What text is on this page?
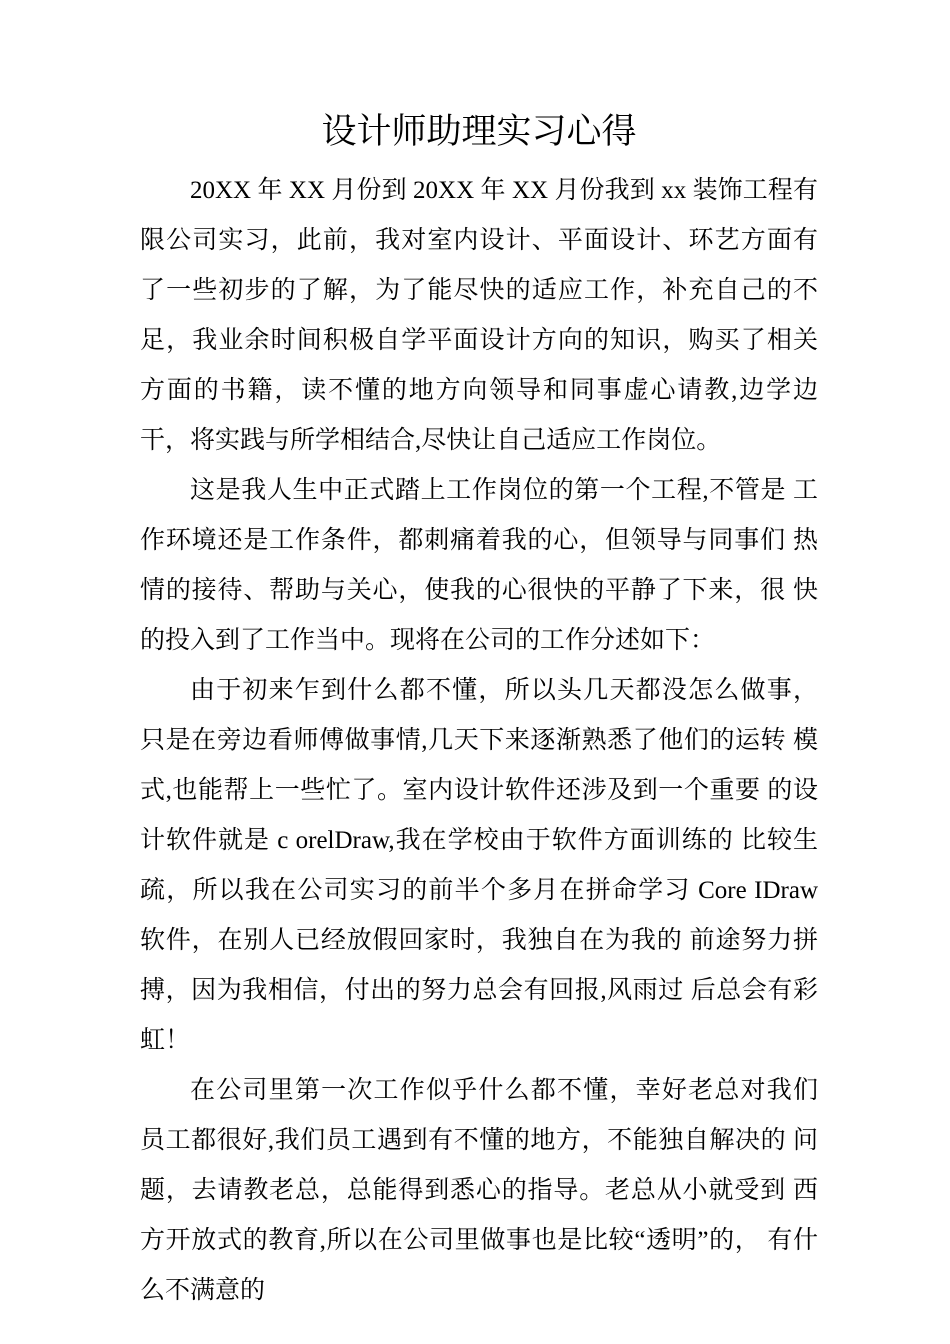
设计师助理实习心得

20XX 年 XX 月份到 20XX 年 XX 月份我到 xx 装饰工程有 限公司实习，此前，我对室内设计、平面设计、环艺方面有 了一些初步的了解，为了能尽快的适应工作，补充自己的不 足，我业余时间积极自学平面设计方向的知识，购买了相关 方面的书籍，读不懂的地方向领导和同事虚心请教,边学边 干，将实践与所学相结合,尽快让自己适应工作岗位。

这是我人生中正式踏上工作岗位的第一个工程,不管是 工作环境还是工作条件，都刺痛着我的心，但领导与同事们 热情的接待、帮助与关心，使我的心很快的平静了下来，很 快的投入到了工作当中。现将在公司的工作分述如下：

由于初来乍到什么都不懂，所以头几天都没怎么做事， 只是在旁边看师傅做事情,几天下来逐渐熟悉了他们的运转 模式,也能帮上一些忙了。室内设计软件还涉及到一个重要 的设计软件就是 c orelDraw,我在学校由于软件方面训练的 比较生疏，所以我在公司实习的前半个多月在拼命学习 Core IDraw 软件，在别人已经放假回家时，我独自在为我的 前途努力拼搏，因为我相信，付出的努力总会有回报,风雨过 后总会有彩虹！

在公司里第一次工作似乎什么都不懂，幸好老总对我们 员工都很好,我们员工遇到有不懂的地方，不能独自解决的 问题，去请教老总，总能得到悉心的指导。老总从小就受到 西方开放式的教育,所以在公司里做事也是比较“透明”的， 有什么不满意的
